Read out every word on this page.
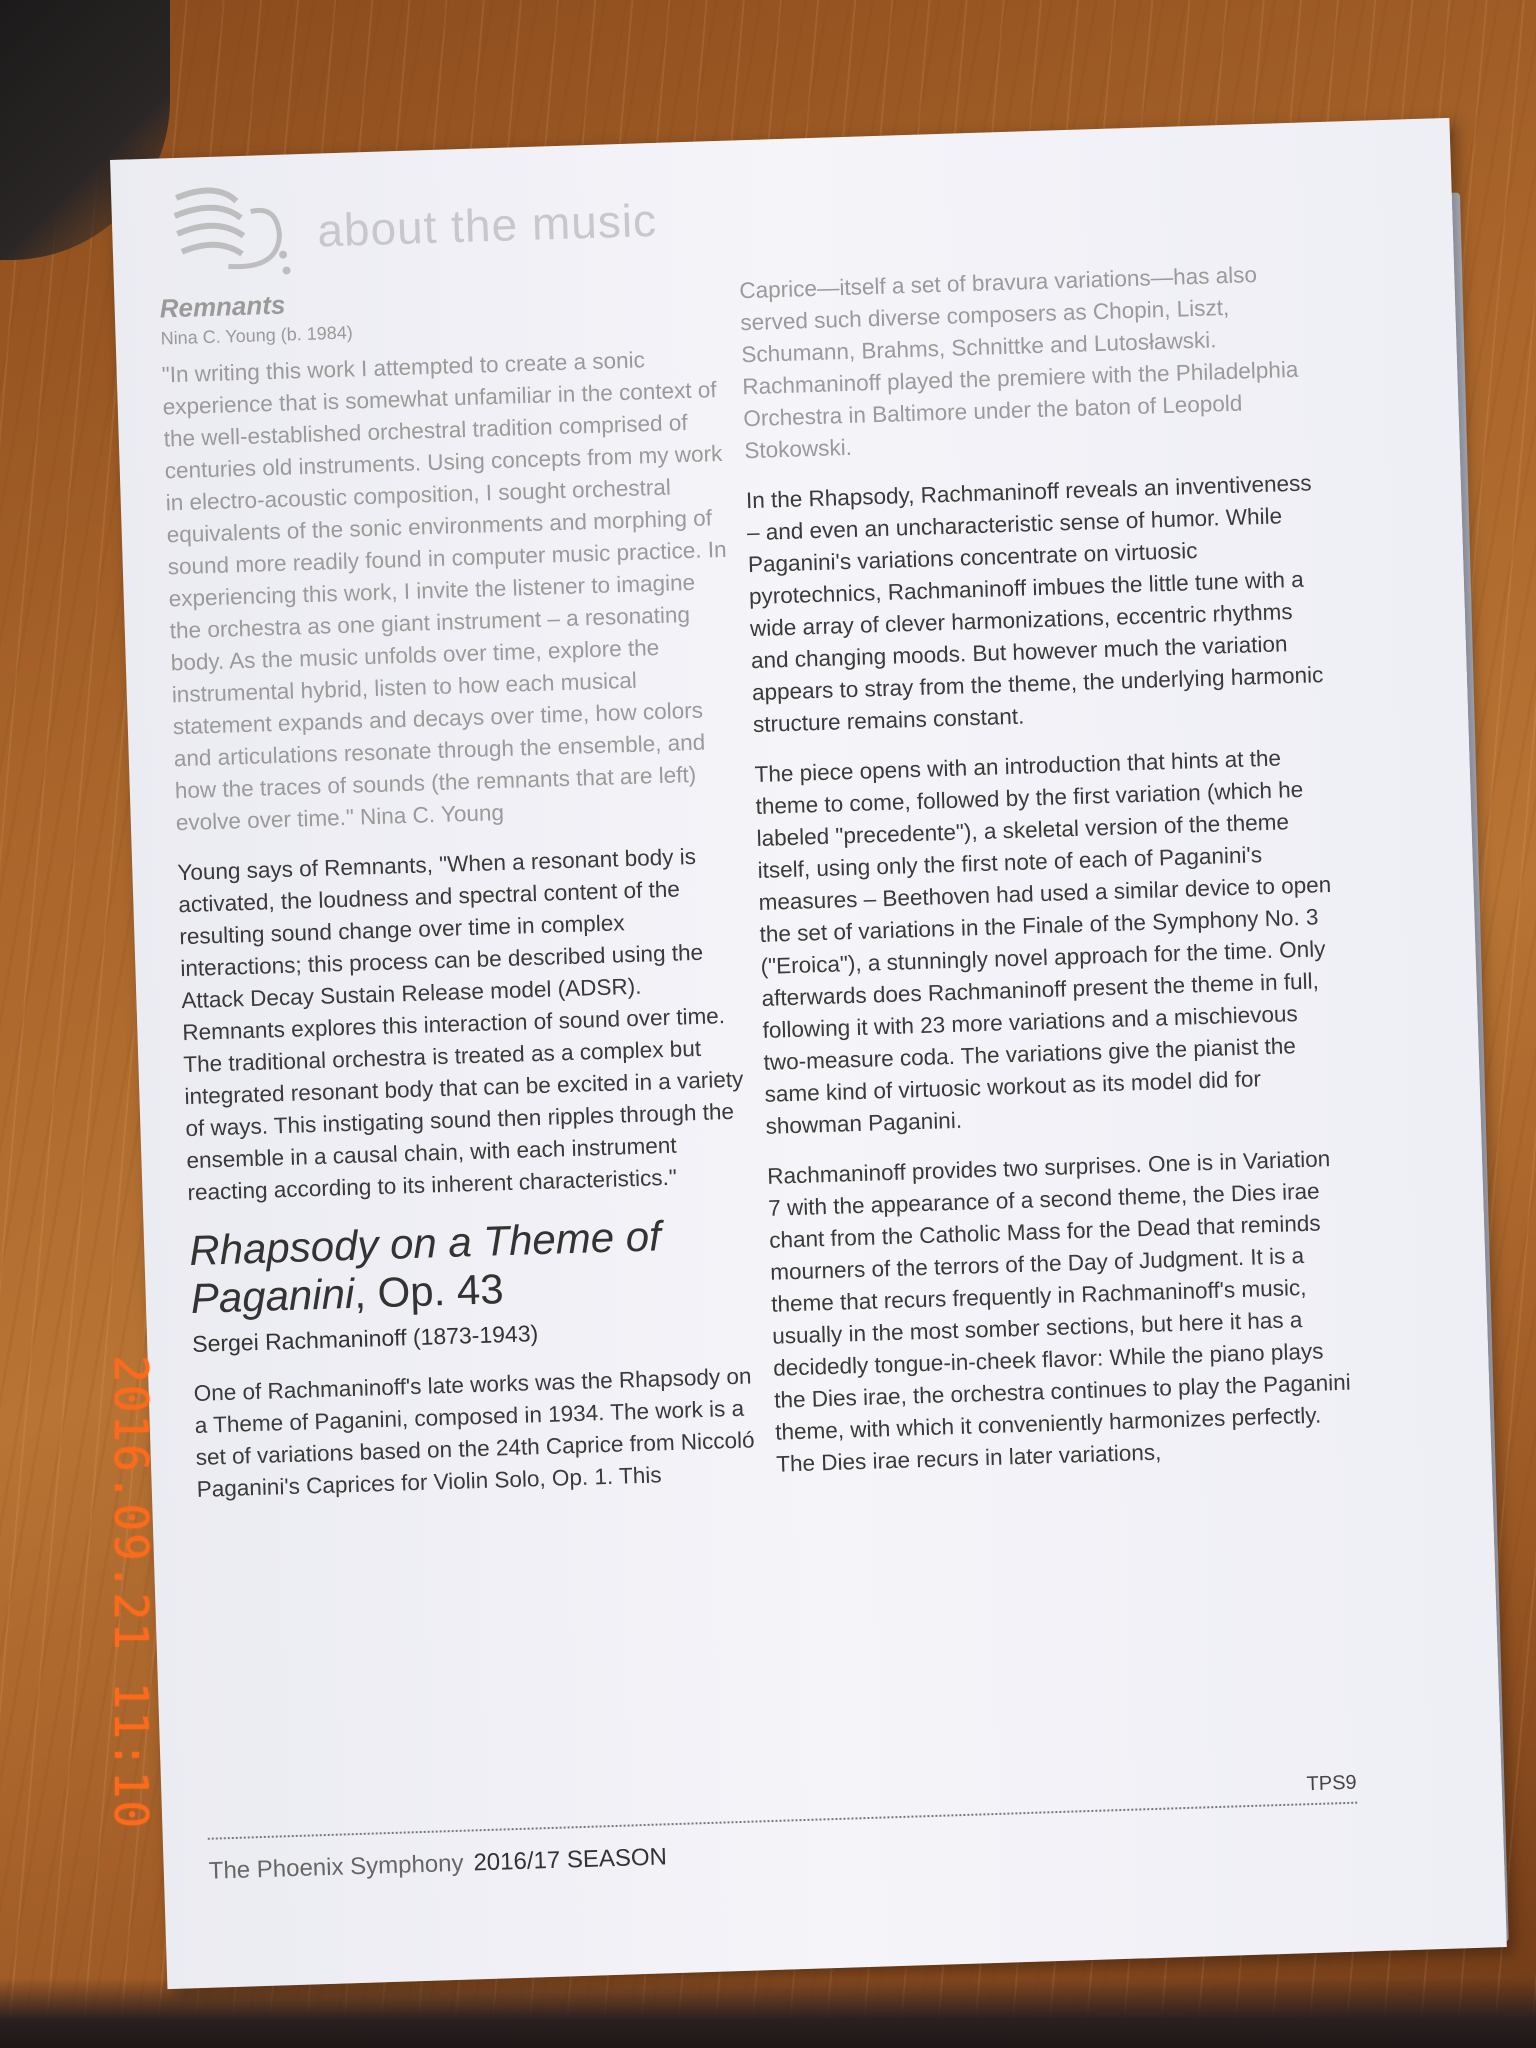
about the music
Remnants
Nina C. Young (b. 1984)

"In writing this work I attempted to create a sonic experience that is somewhat unfamiliar in the context of the well-established orchestral tradition comprised of centuries old instruments. Using concepts from my work in electro-acoustic composition, I sought orchestral equivalents of the sonic environments and morphing of sound more readily found in computer music practice. In experiencing this work, I invite the listener to imagine the orchestra as one giant instrument – a resonating body. As the music unfolds over time, explore the instrumental hybrid, listen to how each musical statement expands and decays over time, how colors and articulations resonate through the ensemble, and how the traces of sounds (the remnants that are left) evolve over time." Nina C. Young

Young says of Remnants, "When a resonant body is activated, the loudness and spectral content of the resulting sound change over time in complex interactions; this process can be described using the Attack Decay Sustain Release model (ADSR). Remnants explores this interaction of sound over time. The traditional orchestra is treated as a complex but integrated resonant body that can be excited in a variety of ways. This instigating sound then ripples through the ensemble in a causal chain, with each instrument reacting according to its inherent characteristics."

Rhapsody on a Theme of Paganini, Op. 43
Sergei Rachmaninoff (1873-1943)

One of Rachmaninoff's late works was the Rhapsody on a Theme of Paganini, composed in 1934. The work is a set of variations based on the 24th Caprice from Niccoló Paganini's Caprices for Violin Solo, Op. 1. This

Caprice—itself a set of bravura variations—has also served such diverse composers as Chopin, Liszt, Schumann, Brahms, Schnittke and Lutosławski. Rachmaninoff played the premiere with the Philadelphia Orchestra in Baltimore under the baton of Leopold Stokowski.

In the Rhapsody, Rachmaninoff reveals an inventiveness – and even an uncharacteristic sense of humor. While Paganini's variations concentrate on virtuosic pyrotechnics, Rachmaninoff imbues the little tune with a wide array of clever harmonizations, eccentric rhythms and changing moods. But however much the variation appears to stray from the theme, the underlying harmonic structure remains constant.

The piece opens with an introduction that hints at the theme to come, followed by the first variation (which he labeled "precedente"), a skeletal version of the theme itself, using only the first note of each of Paganini's measures – Beethoven had used a similar device to open the set of variations in the Finale of the Symphony No. 3 ("Eroica"), a stunningly novel approach for the time. Only afterwards does Rachmaninoff present the theme in full, following it with 23 more variations and a mischievous two-measure coda. The variations give the pianist the same kind of virtuosic workout as its model did for showman Paganini.

Rachmaninoff provides two surprises. One is in Variation 7 with the appearance of a second theme, the Dies irae chant from the Catholic Mass for the Dead that reminds mourners of the terrors of the Day of Judgment. It is a theme that recurs frequently in Rachmaninoff's music, usually in the most somber sections, but here it has a decidedly tongue-in-cheek flavor: While the piano plays the Dies irae, the orchestra continues to play the Paganini theme, with which it conveniently harmonizes perfectly. The Dies irae recurs in later variations,

TPS9
The Phoenix Symphony 2016/17 SEASON
2016.09.21 11:10
